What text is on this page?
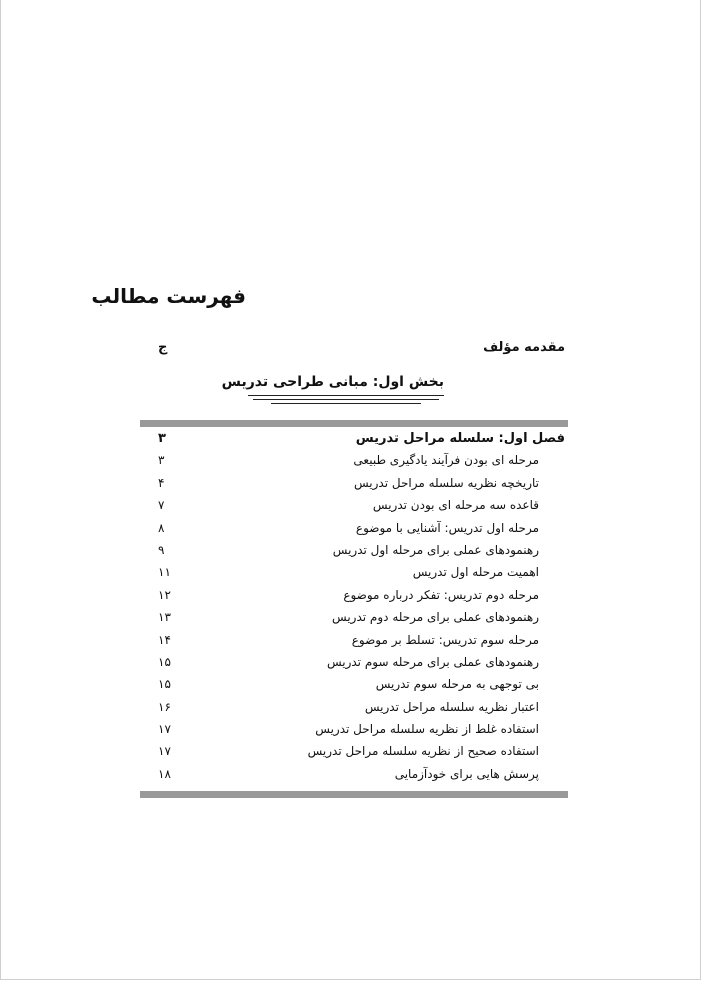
فهرست مطالب
مقدمه مؤلف
ج
بخش اول: مبانی طراحی تدریس
فصل اول: سلسله مراحل تدریس
۳
مرحله ای بودن فرآیند یادگیری طبیعی
۳
تاریخچه نظریه سلسله مراحل تدریس
۴
قاعده سه مرحله ای بودن تدریس
۷
مرحله اول تدریس: آشنایی با موضوع
۸
رهنمودهای عملی برای مرحله اول تدریس
۹
اهمیت مرحله اول تدریس
۱۱
مرحله دوم تدریس: تفکر درباره موضوع
۱۲
رهنمودهای عملی برای مرحله دوم تدریس
۱۳
مرحله سوم تدریس: تسلط بر موضوع
۱۴
رهنمودهای عملی برای مرحله سوم تدریس
۱۵
بی توجهی به مرحله سوم تدریس
۱۵
اعتبار نظریه سلسله مراحل تدریس
۱۶
استفاده غلط از نظریه سلسله مراحل تدریس
۱۷
استفاده صحیح از نظریه سلسله مراحل تدریس
۱۷
پرسش هایی برای خودآزمایی
۱۸
